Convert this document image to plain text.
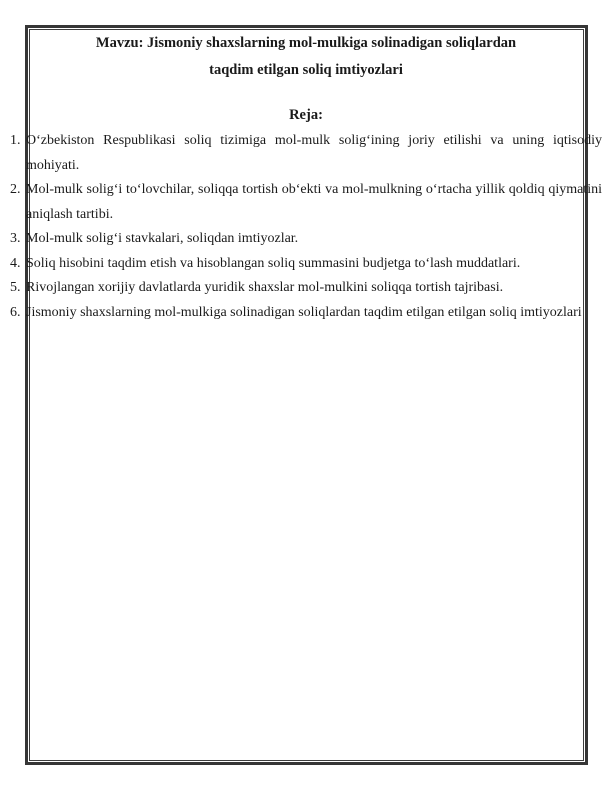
Mavzu: Jismoniy shaxslarning mol-mulkiga solinadigan soliqlardan
taqdim etilgan soliq imtiyozlari
Reja:
1. Oʻzbekiston Respublikasi soliq tizimiga mol-mulk soligʻining joriy etilishi va uning iqtisodiy mohiyati.
2. Mol-mulk soligʻi toʻlovchilar, soliqqa tortish obʻekti va mol-mulkning oʻrtacha yillik qoldiq qiymatini aniqlash tartibi.
3. Mol-mulk soligʻi stavkalari, soliqdan imtiyozlar.
4. Soliq hisobini taqdim etish va hisoblangan soliq summasini budjetga toʻlash muddatlari.
5. Rivojlangan xorijiy davlatlarda yuridik shaxslar mol-mulkini soliqqa tortish tajribasi.
6. Jismoniy shaxslarning mol-mulkiga solinadigan soliqlardan taqdim etilgan etilgan soliq imtiyozlari
